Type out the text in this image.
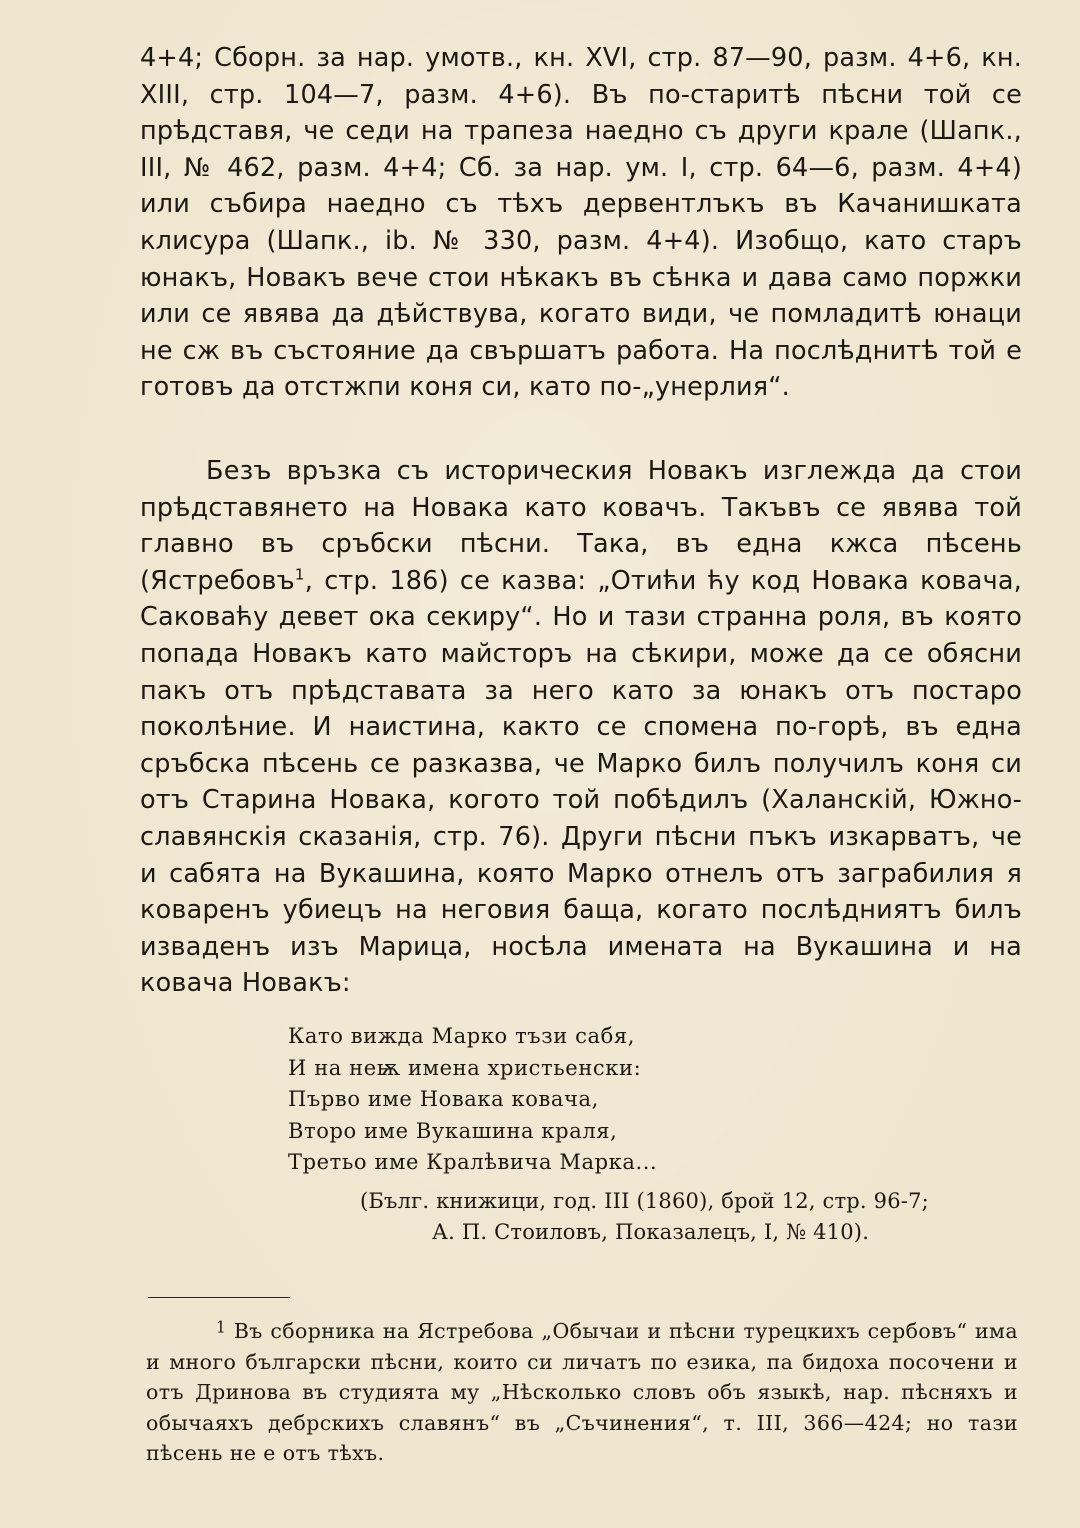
4+4; Сборн. за нар. умотв., кн. XVI, стр. 87—90, разм. 4+6, кн. XIII, стр. 104—7, разм. 4+6). Въ по-старитѣ пѣсни той се прѣдставя, че седи на трапеза наедно съ други крале (Шапк., III, № 462, разм. 4+4; Сб. за нар. ум. I, стр. 64—6, разм. 4+4) или събира наедно съ тѣхъ дервентлъкъ въ Качанишката клисура (Шапк., ib. № 330, разм. 4+4). Изобщо, като старъ юнакъ, Новакъ вече стои нѣкакъ въ сѣнка и дава само поржки или се явява да дѣйствува, когато види, че помладитѣ юнаци не сж въ състояние да свършатъ работа. На послѣднитѣ той е готовъ да отстжпи коня си, като по-„унерлия“.

Безъ връзка съ историческия Новакъ изглежда да стои прѣдставянето на Новака като ковачъ. Такъвъ се явява той главно въ сръбски пѣсни. Така, въ една кжса пѣсень (Ястребовъ$^1$, стр. 186) се казва: „Отићи ћу код Новака ковача, Саковаћу девет ока секиру“. Но и тази странна роля, въ която попада Новакъ като майсторъ на сѣкири, може да се обясни пакъ отъ прѣдставата за него като за юнакъ отъ постаро поколѣние. И наистина, както се спомена по-горѣ, въ една сръбска пѣсень се разказва, че Марко билъ получилъ коня си отъ Старина Новака, когото той побѣдилъ (Халанскій, Южно-славянскія сказанія, стр. 76). Други пѣсни пъкъ изкарватъ, че и сабята на Вукашина, която Марко отнелъ отъ заграбилия я коваренъ убиецъ на неговия баща, когато послѣдниятъ билъ изваденъ изъ Марица, носѣла имената на Вукашина и на ковача Новакъ:

Като вижда Марко тъзи сабя,
И на неѭ имена христьенски:
Първо име Новака ковача,
Второ име Вукашина краля,
Третьо име Кралѣвича Марка...
(Бълг. книжици, год. III (1860), брой 12, стр. 96-7;
А. П. Стоиловъ, Показалецъ, I, № 410).

$^1$ Въ сборника на Ястребова „Обычаи и пѣсни турецкихъ сербовъ“ има и много български пѣсни, които си личатъ по езика, па бидоха посочени и отъ Дринова въ студията му „Нѣсколько словъ объ языкѣ, нар. пѣсняхъ и обычаяхъ дебрскихъ славянъ“ въ „Съчинения“, т. III, 366—424; но тази пѣсень не е отъ тѣхъ.
